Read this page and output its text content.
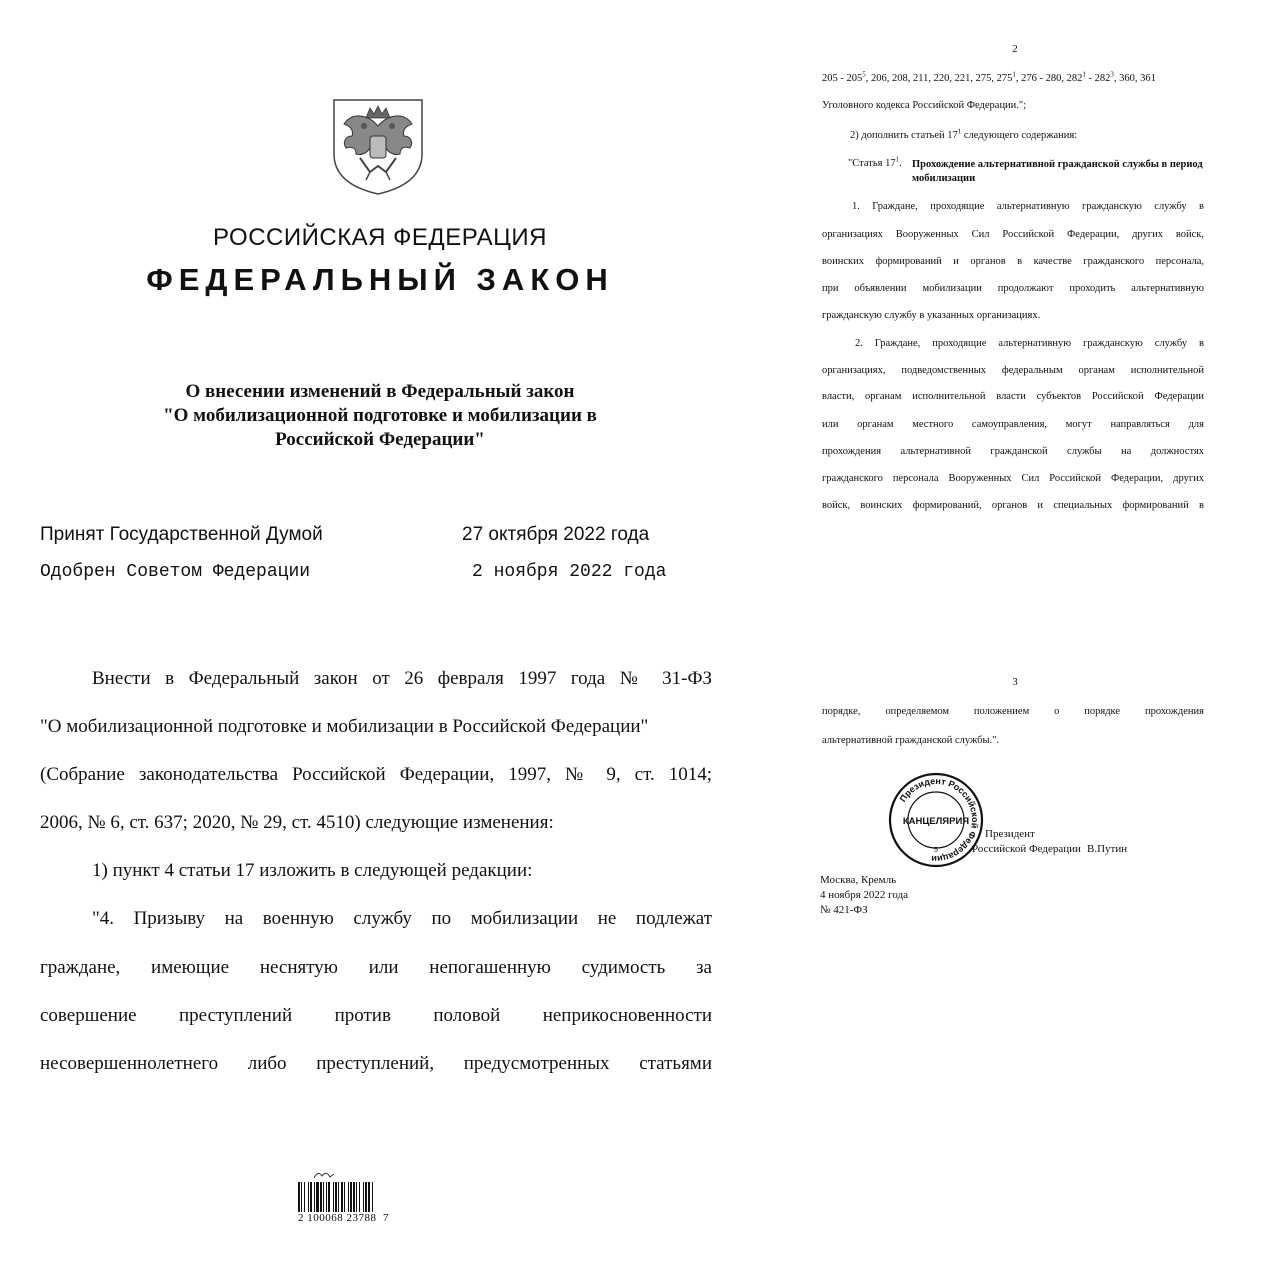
РОССИЙСКАЯ ФЕДЕРАЦИЯ
ФЕДЕРАЛЬНЫЙ ЗАКОН
О внесении изменений в Федеральный закон
"О мобилизационной подготовке и мобилизации в
Российской Федерации"
Принят Государственной Думой	27 октября 2022 года
Одобрен Советом Федерации	2 ноября 2022 года
Внести в Федеральный закон от 26 февраля 1997 года № 31-ФЗ
"О мобилизационной подготовке и мобилизации в Российской Федерации"
(Собрание законодательства Российской Федерации, 1997, № 9, ст. 1014;
2006, № 6, ст. 637; 2020, № 29, ст. 4510) следующие изменения:
1) пункт 4 статьи 17 изложить в следующей редакции:
"4. Призыву на военную службу по мобилизации не подлежат
граждане, имеющие неснятую или непогашенную судимость за
совершение преступлений против половой неприкосновенности
несовершеннолетнего либо преступлений, предусмотренных статьями
2 100068 23788  7
2
$205 - 205^5$, 206, 208, 211, 220, 221, 275, $275^1$, 276 - 280, $282^1 - 282^3$, 360, 361
Уголовного кодекса Российской Федерации.";
2) дополнить статьей $17^1$ следующего содержания:
"Статья $17^1$. Прохождение альтернативной гражданской службы в период мобилизации
1. Граждане, проходящие альтернативную гражданскую службу в
организациях Вооруженных Сил Российской Федерации, других войск,
воинских формирований и органов в качестве гражданского персонала,
при объявлении мобилизации продолжают проходить альтернативную
гражданскую службу в указанных организациях.
2. Граждане, проходящие альтернативную гражданскую службу в
организациях, подведомственных федеральным органам исполнительной
власти, органам исполнительной власти субъектов Российской Федерации
или органам местного самоуправления, могут направляться для
прохождения альтернативной гражданской службы на должностях
гражданского персонала Вооруженных Сил Российской Федерации, других
войск, воинских формирований, органов и специальных формирований в
3
порядке, определяемом положением о порядке прохождения
альтернативной гражданской службы.".
Президент Российской Федерации
КАНЦЕЛЯРИЯ
5
Президент
Российской Федерации В.Путин
Москва, Кремль
4 ноября 2022 года
№ 421-ФЗ
